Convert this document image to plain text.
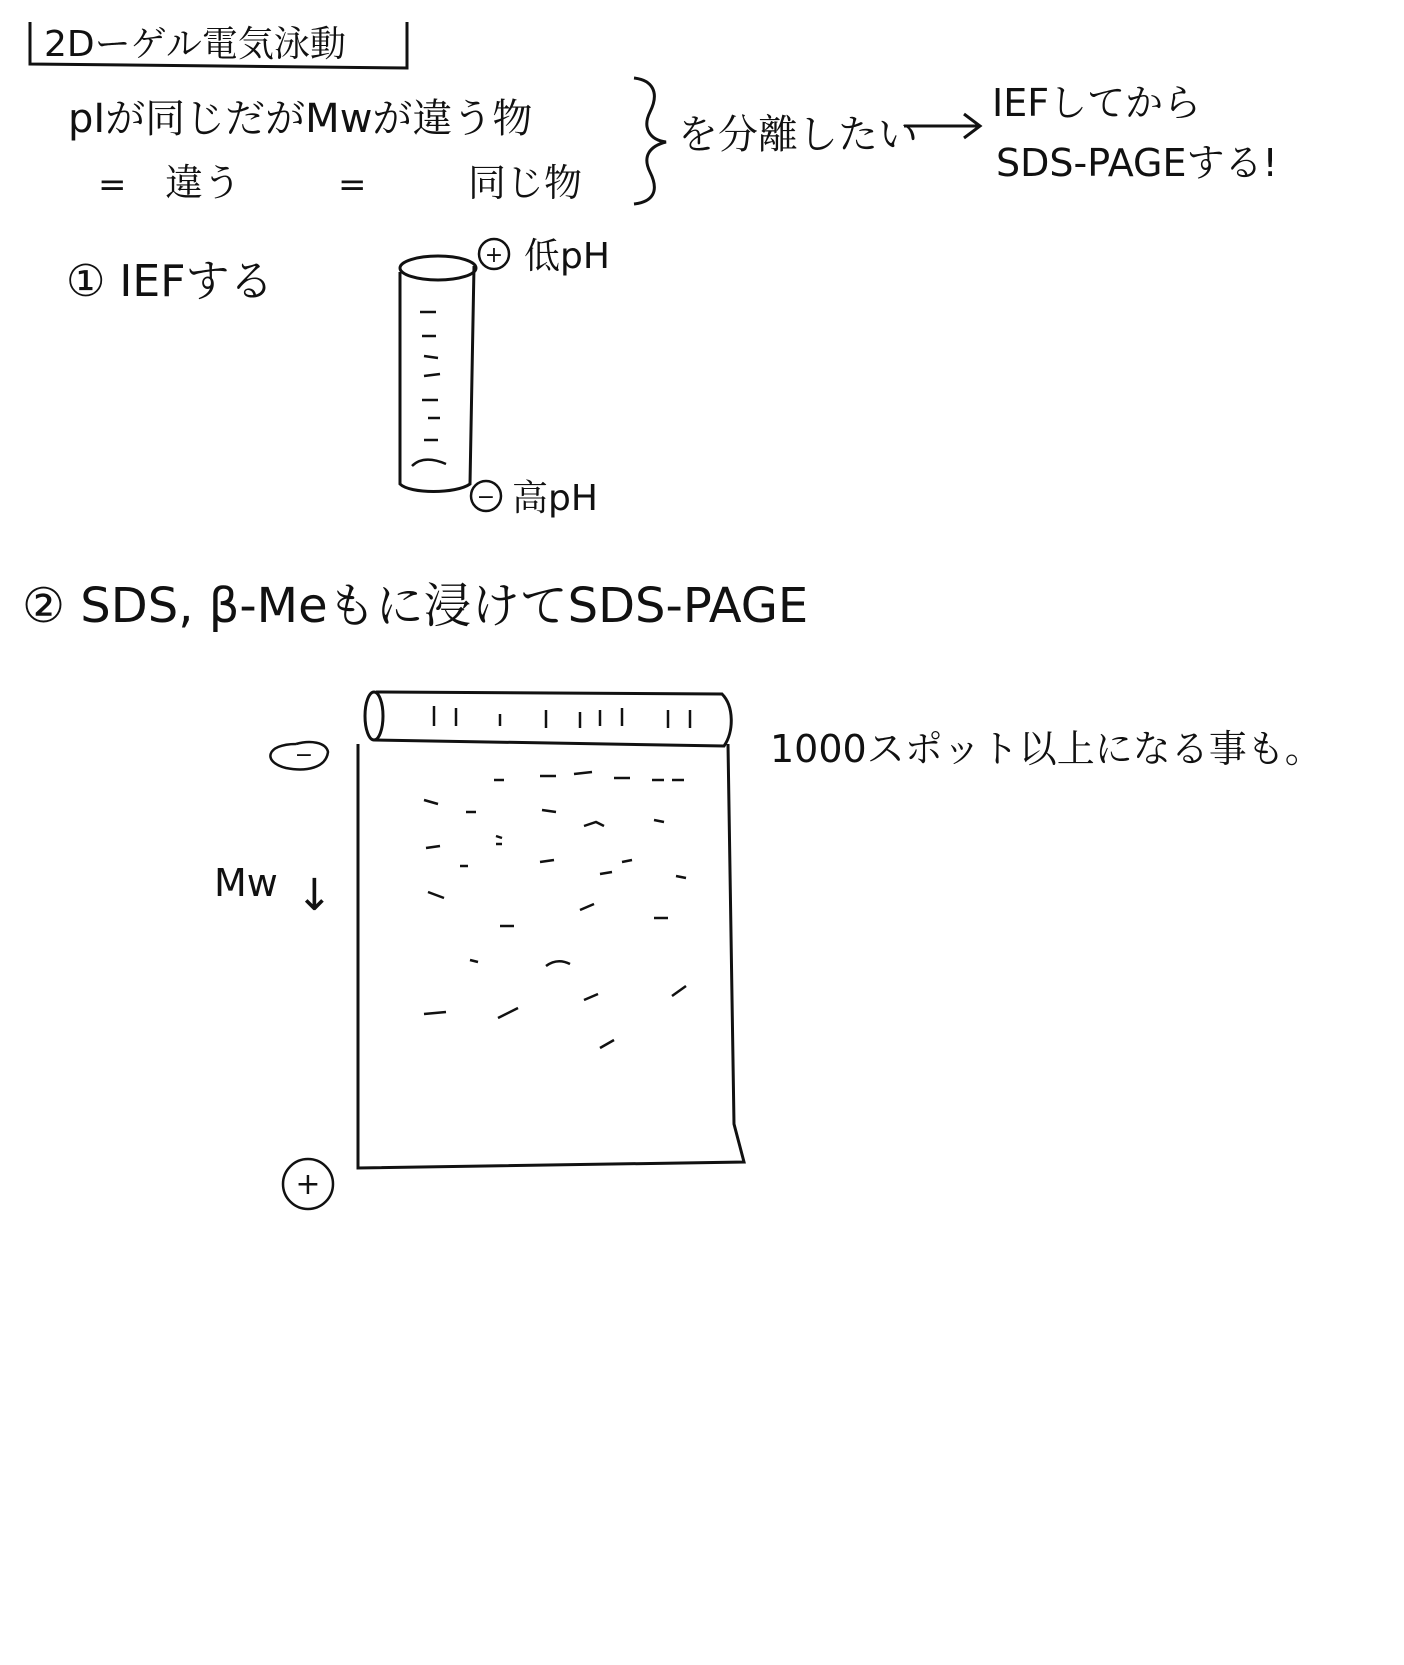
2Dーゲル電気泳動
pIが同じだがMwが違う物
= 違う	=	同じ物
を分離したい
IEFしてから
SDS-PAGEする!
① IEFする
+ 低pH
− 高pH
② SDS, β-Meもに浸けてSDS-PAGE
−
+
Mw ↓
1000スポット以上になる事も。
